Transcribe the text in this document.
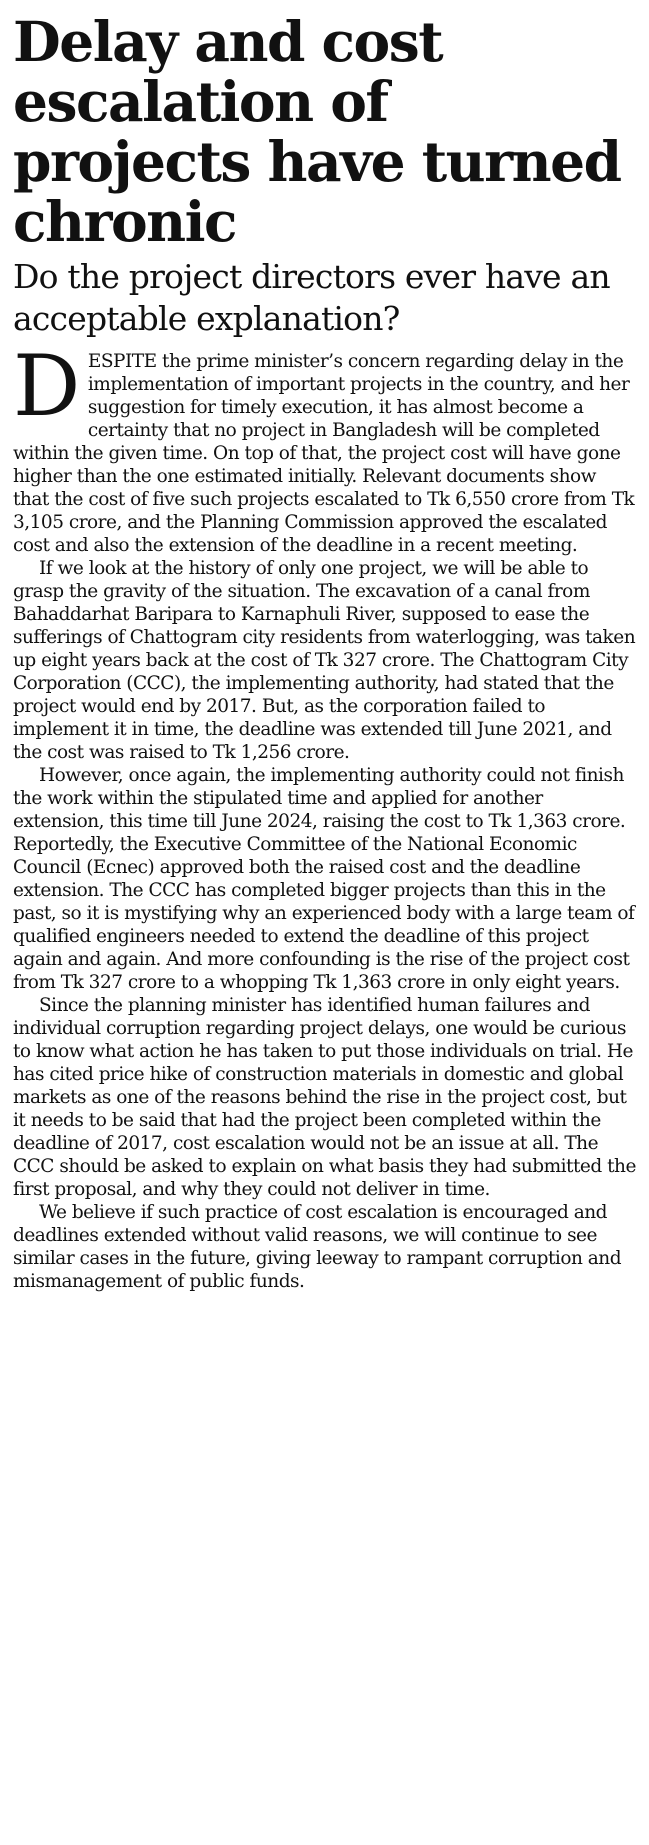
Delay and cost escalation of projects have turned chronic
Do the project directors ever have an acceptable explanation?

DESPITE the prime minister’s concern regarding delay in the implementation of important projects in the country, and her suggestion for timely execution, it has almost become a certainty that no project in Bangladesh will be completed within the given time. On top of that, the project cost will have gone higher than the one estimated initially. Relevant documents show that the cost of five such projects escalated to Tk 6,550 crore from Tk 3,105 crore, and the Planning Commission approved the escalated cost and also the extension of the deadline in a recent meeting.

If we look at the history of only one project, we will be able to grasp the gravity of the situation. The excavation of a canal from Bahaddarhat Baripara to Karnaphuli River, supposed to ease the sufferings of Chattogram city residents from waterlogging, was taken up eight years back at the cost of Tk 327 crore. The Chattogram City Corporation (CCC), the implementing authority, had stated that the project would end by 2017. But, as the corporation failed to implement it in time, the deadline was extended till June 2021, and the cost was raised to Tk 1,256 crore.

However, once again, the implementing authority could not finish the work within the stipulated time and applied for another extension, this time till June 2024, raising the cost to Tk 1,363 crore. Reportedly, the Executive Committee of the National Economic Council (Ecnec) approved both the raised cost and the deadline extension. The CCC has completed bigger projects than this in the past, so it is mystifying why an experienced body with a large team of qualified engineers needed to extend the deadline of this project again and again. And more confounding is the rise of the project cost from Tk 327 crore to a whopping Tk 1,363 crore in only eight years.

Since the planning minister has identified human failures and individual corruption regarding project delays, one would be curious to know what action he has taken to put those individuals on trial. He has cited price hike of construction materials in domestic and global markets as one of the reasons behind the rise in the project cost, but it needs to be said that had the project been completed within the deadline of 2017, cost escalation would not be an issue at all. The CCC should be asked to explain on what basis they had submitted the first proposal, and why they could not deliver in time.

We believe if such practice of cost escalation is encouraged and deadlines extended without valid reasons, we will continue to see similar cases in the future, giving leeway to rampant corruption and mismanagement of public funds.
